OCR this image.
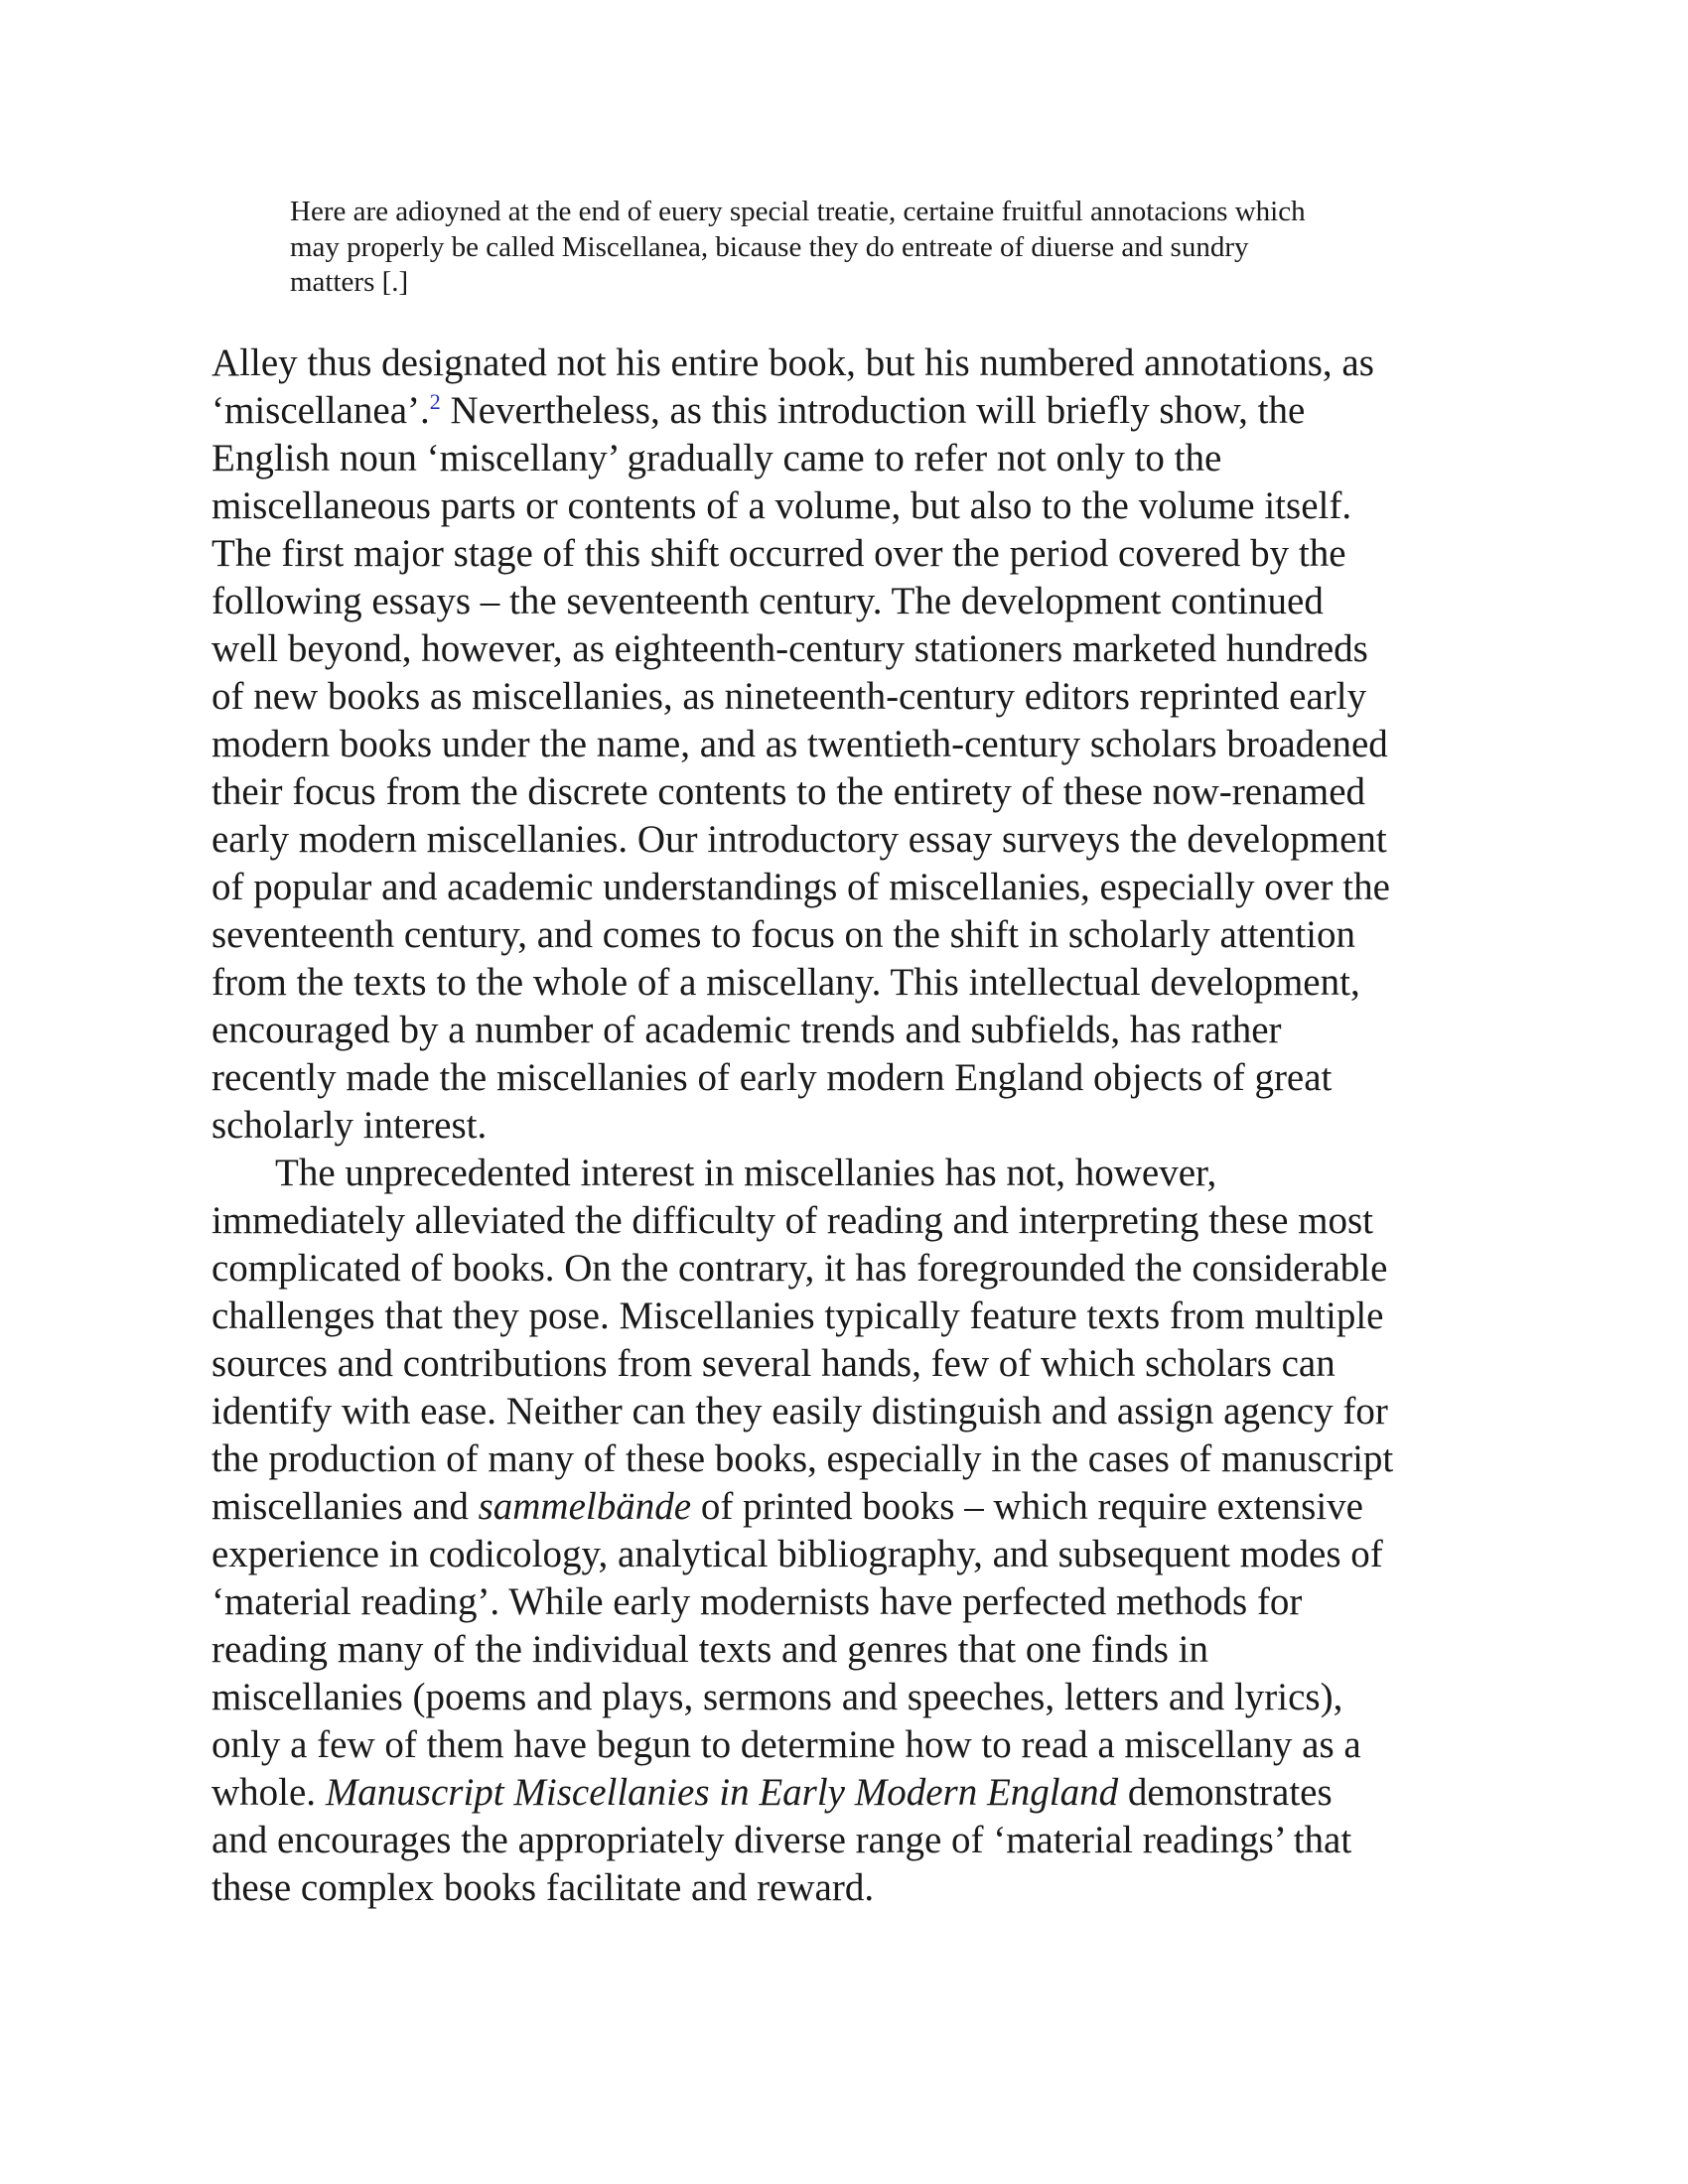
Here are adioyned at the end of euery special treatie, certaine fruitful annotacions which
may properly be called Miscellanea, bicause they do entreate of diuerse and sundry
matters [.]

Alley thus designated not his entire book, but his numbered annotations, as
‘miscellanea’.$^2$ Nevertheless, as this introduction will briefly show, the
English noun ‘miscellany’ gradually came to refer not only to the
miscellaneous parts or contents of a volume, but also to the volume itself.
The first major stage of this shift occurred over the period covered by the
following essays – the seventeenth century. The development continued
well beyond, however, as eighteenth-century stationers marketed hundreds
of new books as miscellanies, as nineteenth-century editors reprinted early
modern books under the name, and as twentieth-century scholars broadened
their focus from the discrete contents to the entirety of these now-renamed
early modern miscellanies. Our introductory essay surveys the development
of popular and academic understandings of miscellanies, especially over the
seventeenth century, and comes to focus on the shift in scholarly attention
from the texts to the whole of a miscellany. This intellectual development,
encouraged by a number of academic trends and subfields, has rather
recently made the miscellanies of early modern England objects of great
scholarly interest.

The unprecedented interest in miscellanies has not, however,
immediately alleviated the difficulty of reading and interpreting these most
complicated of books. On the contrary, it has foregrounded the considerable
challenges that they pose. Miscellanies typically feature texts from multiple
sources and contributions from several hands, few of which scholars can
identify with ease. Neither can they easily distinguish and assign agency for
the production of many of these books, especially in the cases of manuscript
miscellanies and sammelbände of printed books – which require extensive
experience in codicology, analytical bibliography, and subsequent modes of
‘material reading’. While early modernists have perfected methods for
reading many of the individual texts and genres that one finds in
miscellanies (poems and plays, sermons and speeches, letters and lyrics),
only a few of them have begun to determine how to read a miscellany as a
whole. Manuscript Miscellanies in Early Modern England demonstrates
and encourages the appropriately diverse range of ‘material readings’ that
these complex books facilitate and reward.
